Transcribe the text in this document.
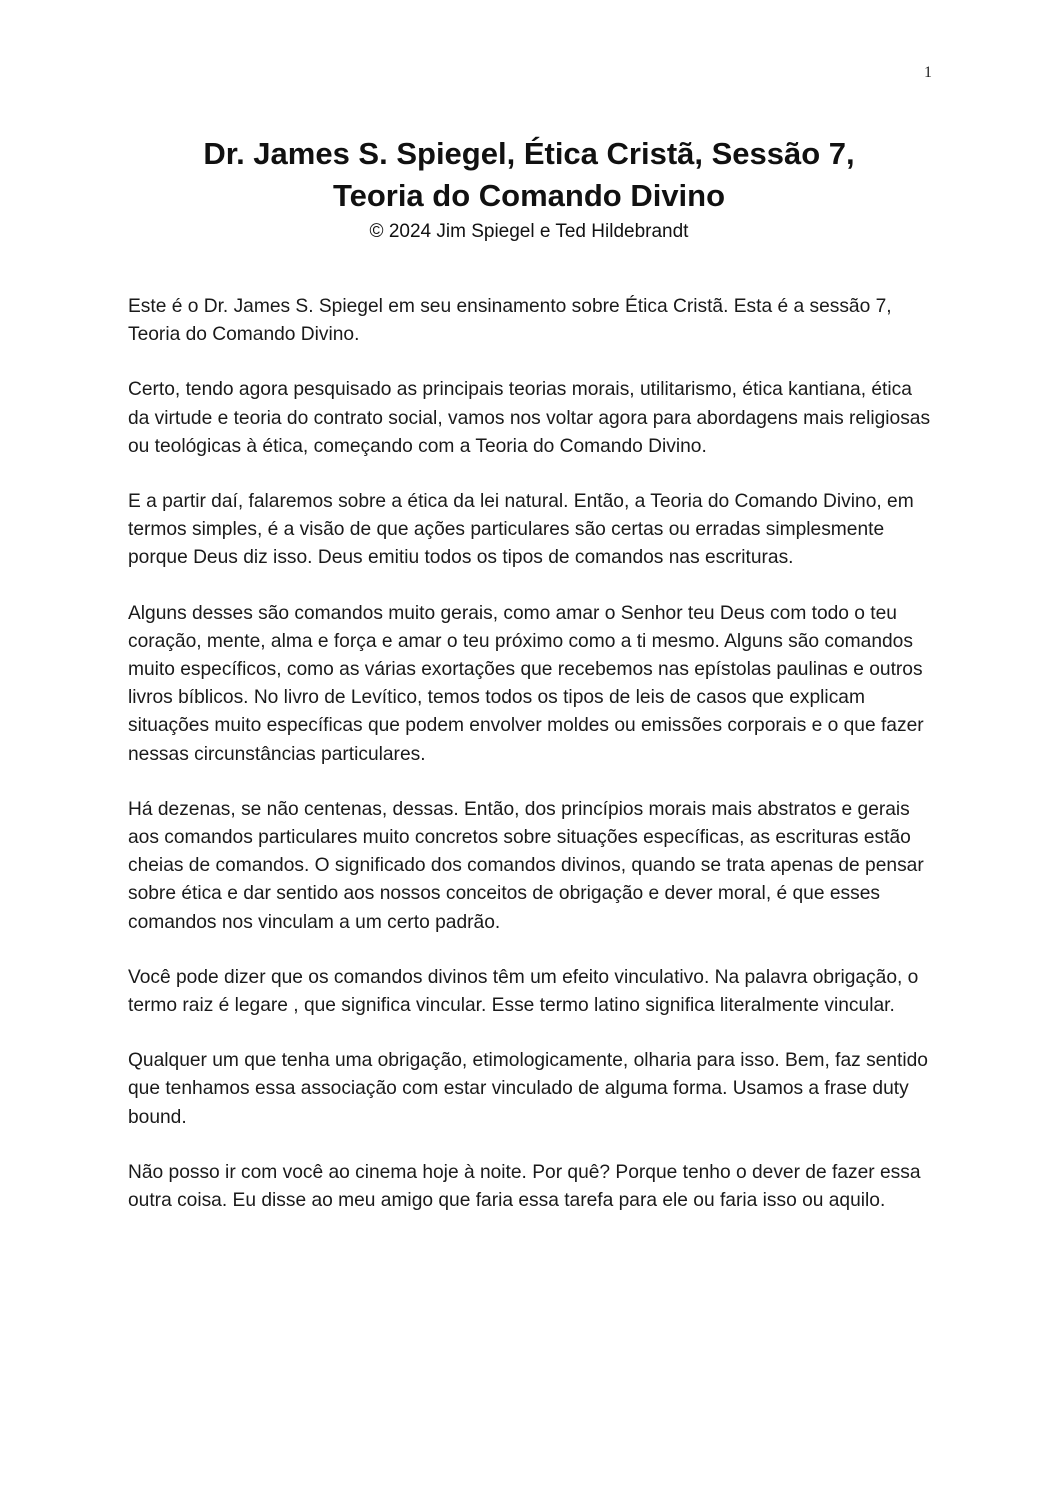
1
Dr. James S. Spiegel, Ética Cristã, Sessão 7,
Teoria do Comando Divino
© 2024 Jim Spiegel e Ted Hildebrandt

Este é o Dr. James S. Spiegel em seu ensinamento sobre Ética Cristã. Esta é a sessão 7, Teoria do Comando Divino.

Certo, tendo agora pesquisado as principais teorias morais, utilitarismo, ética kantiana, ética da virtude e teoria do contrato social, vamos nos voltar agora para abordagens mais religiosas ou teológicas à ética, começando com a Teoria do Comando Divino.

E a partir daí, falaremos sobre a ética da lei natural. Então, a Teoria do Comando Divino, em termos simples, é a visão de que ações particulares são certas ou erradas simplesmente porque Deus diz isso. Deus emitiu todos os tipos de comandos nas escrituras.

Alguns desses são comandos muito gerais, como amar o Senhor teu Deus com todo o teu coração, mente, alma e força e amar o teu próximo como a ti mesmo. Alguns são comandos muito específicos, como as várias exortações que recebemos nas epístolas paulinas e outros livros bíblicos. No livro de Levítico, temos todos os tipos de leis de casos que explicam situações muito específicas que podem envolver moldes ou emissões corporais e o que fazer nessas circunstâncias particulares.

Há dezenas, se não centenas, dessas. Então, dos princípios morais mais abstratos e gerais aos comandos particulares muito concretos sobre situações específicas, as escrituras estão cheias de comandos. O significado dos comandos divinos, quando se trata apenas de pensar sobre ética e dar sentido aos nossos conceitos de obrigação e dever moral, é que esses comandos nos vinculam a um certo padrão.

Você pode dizer que os comandos divinos têm um efeito vinculativo. Na palavra obrigação, o termo raiz é legare , que significa vincular. Esse termo latino significa literalmente vincular.

Qualquer um que tenha uma obrigação, etimologicamente, olharia para isso. Bem, faz sentido que tenhamos essa associação com estar vinculado de alguma forma. Usamos a frase duty bound.

Não posso ir com você ao cinema hoje à noite. Por quê? Porque tenho o dever de fazer essa outra coisa. Eu disse ao meu amigo que faria essa tarefa para ele ou faria isso ou aquilo.
